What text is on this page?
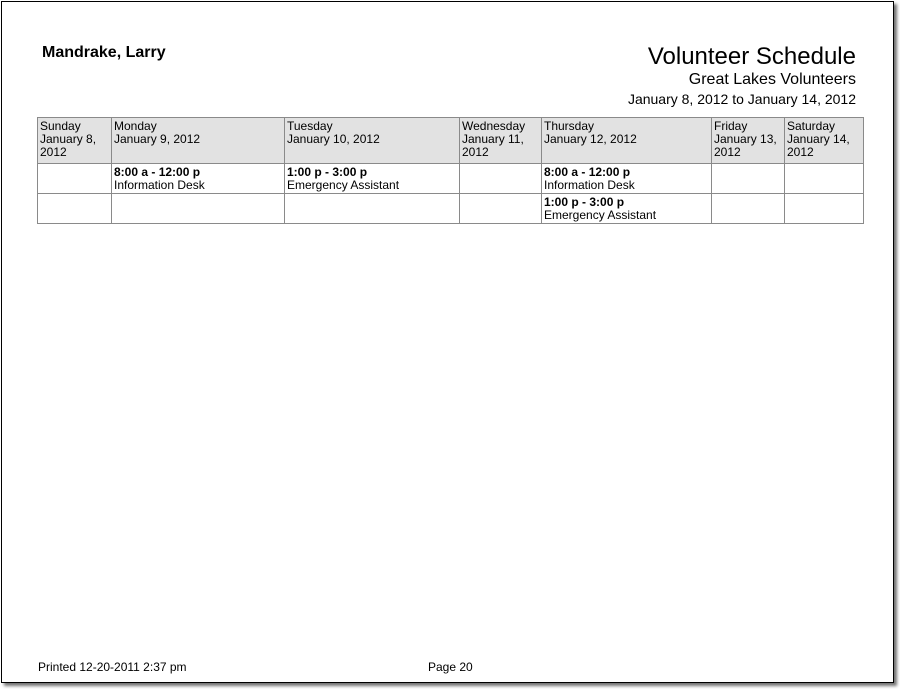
Mandrake, Larry	Volunteer Schedule
Great Lakes Volunteers
January 8, 2012 to January 14, 2012
Sunday
January 8,
2012	Monday
January 9, 2012	Tuesday
January 10, 2012	Wednesday
January 11,
2012	Thursday
January 12, 2012	Friday
January 13,
2012	Saturday
January 14,
2012

	8:00 a - 12:00 p
Information Desk	1:00 p - 3:00 p
Emergency Assistant		8:00 a - 12:00 p
Information Desk		

				1:00 p - 3:00 p
Emergency Assistant		

Printed 12-20-2011 2:37 pm	Page 20
